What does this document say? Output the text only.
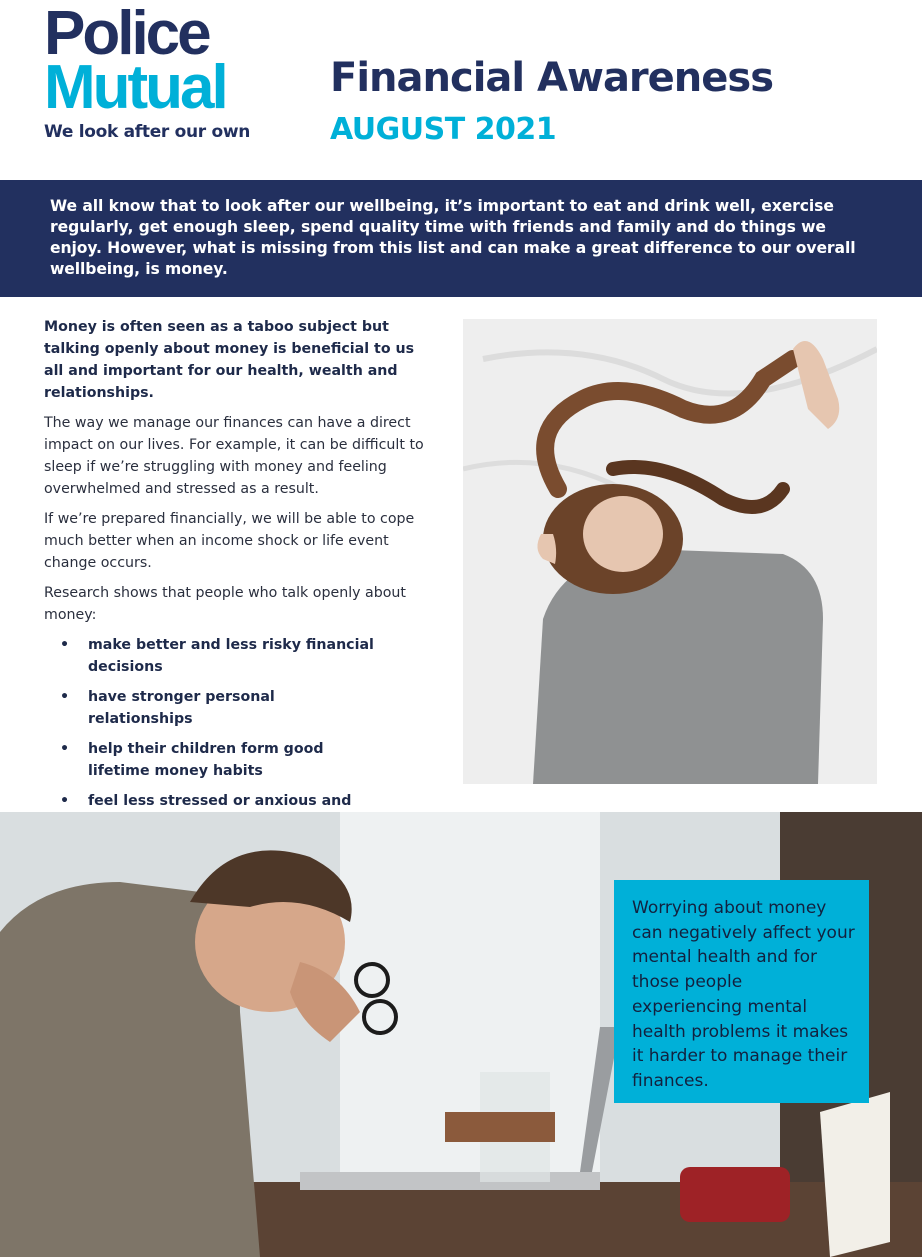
Police
Mutual
We look after our own
Financial Awareness
AUGUST 2021

We all know that to look after our wellbeing, it’s important to eat and drink well, exercise regularly, get enough sleep, spend quality time with friends and family and do things we enjoy. However, what is missing from this list and can make a great difference to our overall wellbeing, is money.

Money is often seen as a taboo subject but talking openly about money is beneficial to us all and important for our health, wealth and relationships.

The way we manage our finances can have a direct impact on our lives. For example, it can be difficult to sleep if we’re struggling with money and feeling overwhelmed and stressed as a result.

If we’re prepared financially, we will be able to cope much better when an income shock or life event change occurs.

Research shows that people who talk openly about money:

• make better and less risky financial decisions
• have stronger personal relationships
• help their children form good lifetime money habits
• feel less stressed or anxious and

Worrying about money can negatively affect your mental health and for those people experiencing mental health problems it makes it harder to manage their finances.
